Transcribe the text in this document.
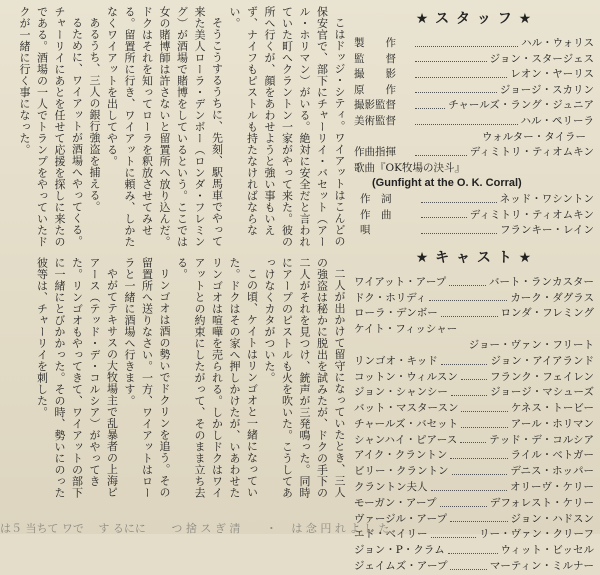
こはドッジ・シティ。ワイアットはこんどの保安官で、部下にチャーリイ・バセット（アール・ホリマン）がいる。絶対に安全だと言われていた町へクラントン一家がやって来た。彼の所へ行くが、顔をあわせようと強い事もいえず、ナイフもピストルも持たなければならない。

そうこうするうちに、先刻、駅馬車でやって来た美人ローラ・デンボー（ロンダ・フレミング）が酒場で賭博をしているという。ここでは女の賭博師は許さないと留置所へ放り込んだ。ドクはそれを知ってローラを釈放させてみせる。留置所に行き、ワイアットに頼み、しかたなくワイアットを出してやる。

あるうち、三人の銀行強盗を捕える。

るために、ワイアットが酒場へやってくる。チャーリイにあとを任せて応援を探しに来たのである。酒場の一人でトランプをやっていたドクが一緒に行く事になった。

二人が出かけて留守になっていたとき、三人の強盗は秘かに脱出を試みたが、ドクの手下の二人がそれを見つけ、銃声が三発鳴った。同時にアープのピストルも火を吹いた。こうしてあっけなくカタがついた。

この頃、ケイトはリンゴオと一緒になっていた。ドクはその家へ押しかけたが、いあわせたリンゴオは喧嘩を売られる。しかしドクはワイアットとの約束にしたがって、そのまま立ち去る。

リンゴオは酒の勢いでドクリンを追う。その留置所へ送りなさい。一方、ワイアットはローラと一緒に酒場へ行きます。

やがてテキサスの大牧場主で乱暴者の上海ピアース（テッド・デ・コルシア）がやってきた。リンゴオもやってきて、ワイアットの部下に一緒にとびかかった。その時、勢いにのった彼等は、チャーリイを刺した。

★ ス タ ッ フ ★
製　　作	ハル・ウォリス
監　　督	ジョン・スタージェス
撮　　影	レオン・ヤーリス
原　　作	ジョージ・スカリン
撮影監督	チャールズ・ラング・ジュニア
美術監督	ハル・ペリーラ
ウォルター・タイラー
作曲指揮	ディミトリ・ティオムキン
歌曲『OK牧場の決斗』
(Gunfight at the O. K. Corral)
作　詞	ネッド・ワシントン
作　曲	ディミトリ・ティオムキン
唄	フランキー・レイン
★ キ ャ ス ト ★
ワイアット・アープ	バート・ランカスター
ドク・ホリディ	カーク・ダグラス
ローラ・デンボー	ロンダ・フレミング
ケイト・フィッシャー
ジョー・ヴァン・フリート
リンゴオ・キッド	ジョン・アイアランド
コットン・ウィルスン	フランク・フェイレン
ジョン・シャンシー	ジョージ・マシューズ
バット・マスタースン	ケネス・トービー
チャールズ・バセット	アール・ホリマン
シャンハイ・ピアース	テッド・デ・コルシア
アイク・クラントン	ライル・ベトガー
ビリー・クラントン	デニス・ホッパー
クラントン夫人	オリーヴ・ケリー
モーガン・アープ	デフォレスト・ケリー
ヴァージル・アープ	ジョン・ハドスン
エド・ベイリー	リー・ヴァン・クリーフ
ジョン・P・クラム	ウィット・ビッセル
ジェイムズ・アープ	マーティン・ミルナー
は５ 当ちて ワで 　す るにに　　 つ 捨 ス ぎ 清　　 ・ 　は 念 円 れ よ し た
